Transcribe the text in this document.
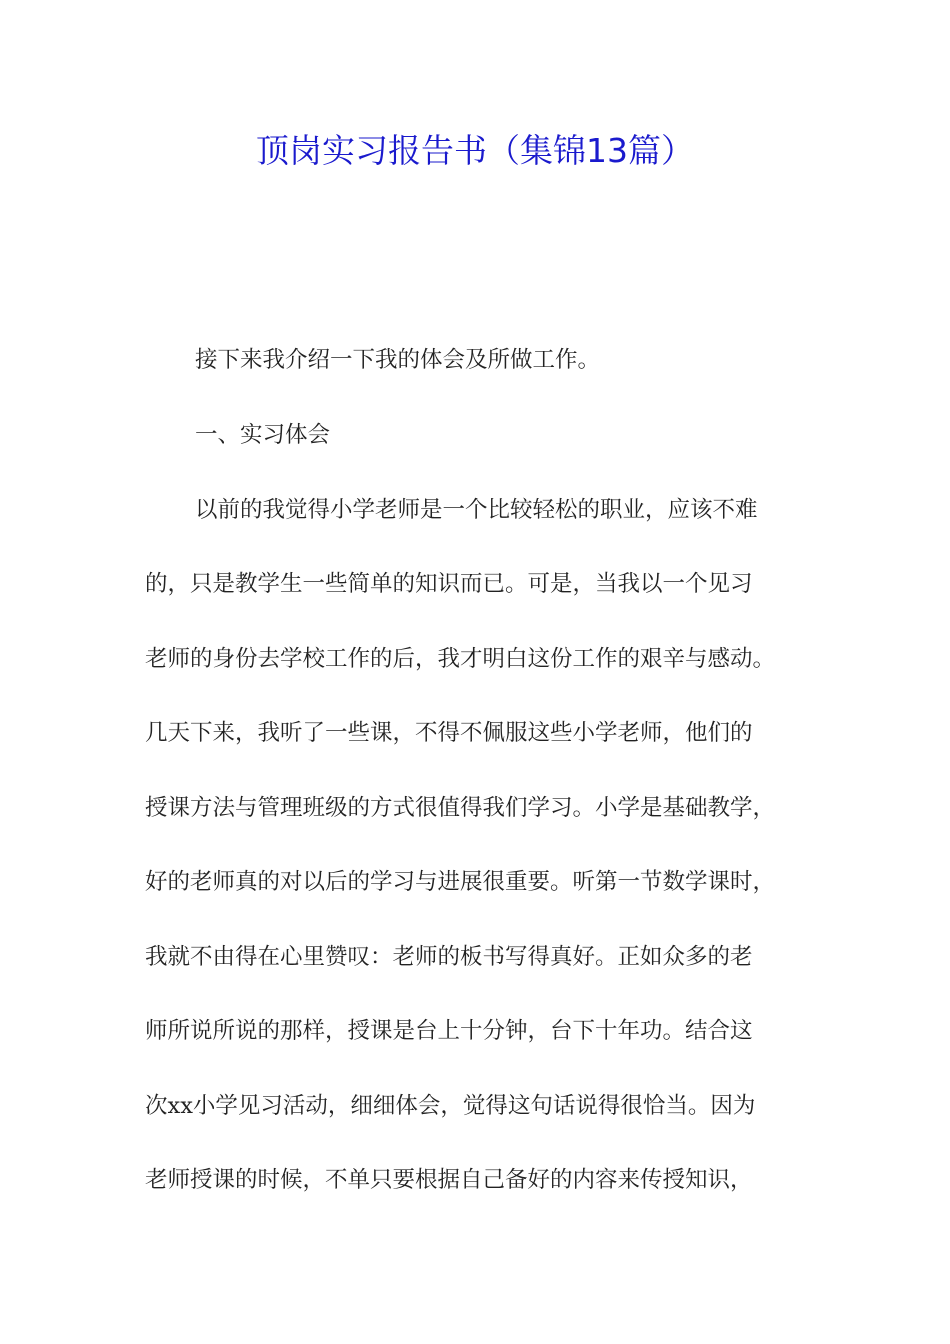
顶岗实习报告书（集锦13篇）

接下来我介绍一下我的体会及所做工作。

一、实习体会

以前的我觉得小学老师是一个比较轻松的职业，应该不难

的，只是教学生一些简单的知识而已。可是，当我以一个见习

老师的身份去学校工作的后，我才明白这份工作的艰辛与感动。

几天下来，我听了一些课，不得不佩服这些小学老师，他们的

授课方法与管理班级的方式很值得我们学习。小学是基础教学，

好的老师真的对以后的学习与进展很重要。听第一节数学课时，

我就不由得在心里赞叹：老师的板书写得真好。正如众多的老

师所说所说的那样，授课是台上十分钟，台下十年功。结合这

次xx小学见习活动，细细体会，觉得这句话说得很恰当。因为

老师授课的时候，不单只要根据自己备好的内容来传授知识，
